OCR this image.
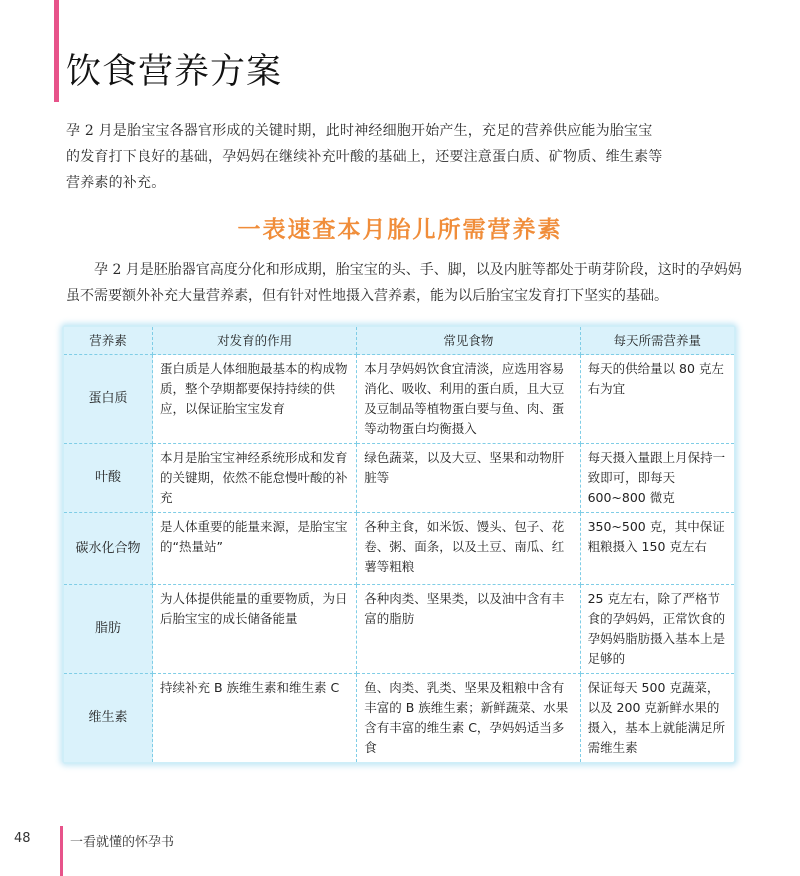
饮食营养方案

孕 2 月是胎宝宝各器官形成的关键时期，此时神经细胞开始产生，充足的营养供应能为胎宝宝的发育打下良好的基础，孕妈妈在继续补充叶酸的基础上，还要注意蛋白质、矿物质、维生素等营养素的补充。

一表速查本月胎儿所需营养素

孕 2 月是胚胎器官高度分化和形成期，胎宝宝的头、手、脚，以及内脏等都处于萌芽阶段，这时的孕妈妈虽不需要额外补充大量营养素，但有针对性地摄入营养素，能为以后胎宝宝发育打下坚实的基础。

营养素	对发育的作用	常见食物	每天所需营养量
蛋白质	蛋白质是人体细胞最基本的构成物质，整个孕期都要保持持续的供应，以保证胎宝宝发育	本月孕妈妈饮食宜清淡，应选用容易消化、吸收、利用的蛋白质，且大豆及豆制品等植物蛋白要与鱼、肉、蛋等动物蛋白均衡摄入	每天的供给量以 80 克左右为宜
叶酸	本月是胎宝宝神经系统形成和发育的关键期，依然不能怠慢叶酸的补充	绿色蔬菜，以及大豆、坚果和动物肝脏等	每天摄入量跟上月保持一致即可，即每天 600~800 微克
碳水化合物	是人体重要的能量来源，是胎宝宝的“热量站”	各种主食，如米饭、馒头、包子、花卷、粥、面条，以及土豆、南瓜、红薯等粗粮	350~500 克，其中保证粗粮摄入 150 克左右
脂肪	为人体提供能量的重要物质，为日后胎宝宝的成长储备能量	各种肉类、坚果类，以及油中含有丰富的脂肪	25 克左右，除了严格节食的孕妈妈，正常饮食的孕妈妈脂肪摄入基本上是足够的
维生素	持续补充 B 族维生素和维生素 C	鱼、肉类、乳类、坚果及粗粮中含有丰富的 B 族维生素；新鲜蔬菜、水果含有丰富的维生素 C，孕妈妈适当多食	保证每天 500 克蔬菜，以及 200 克新鲜水果的摄入，基本上就能满足所需维生素
48	一看就懂的怀孕书
